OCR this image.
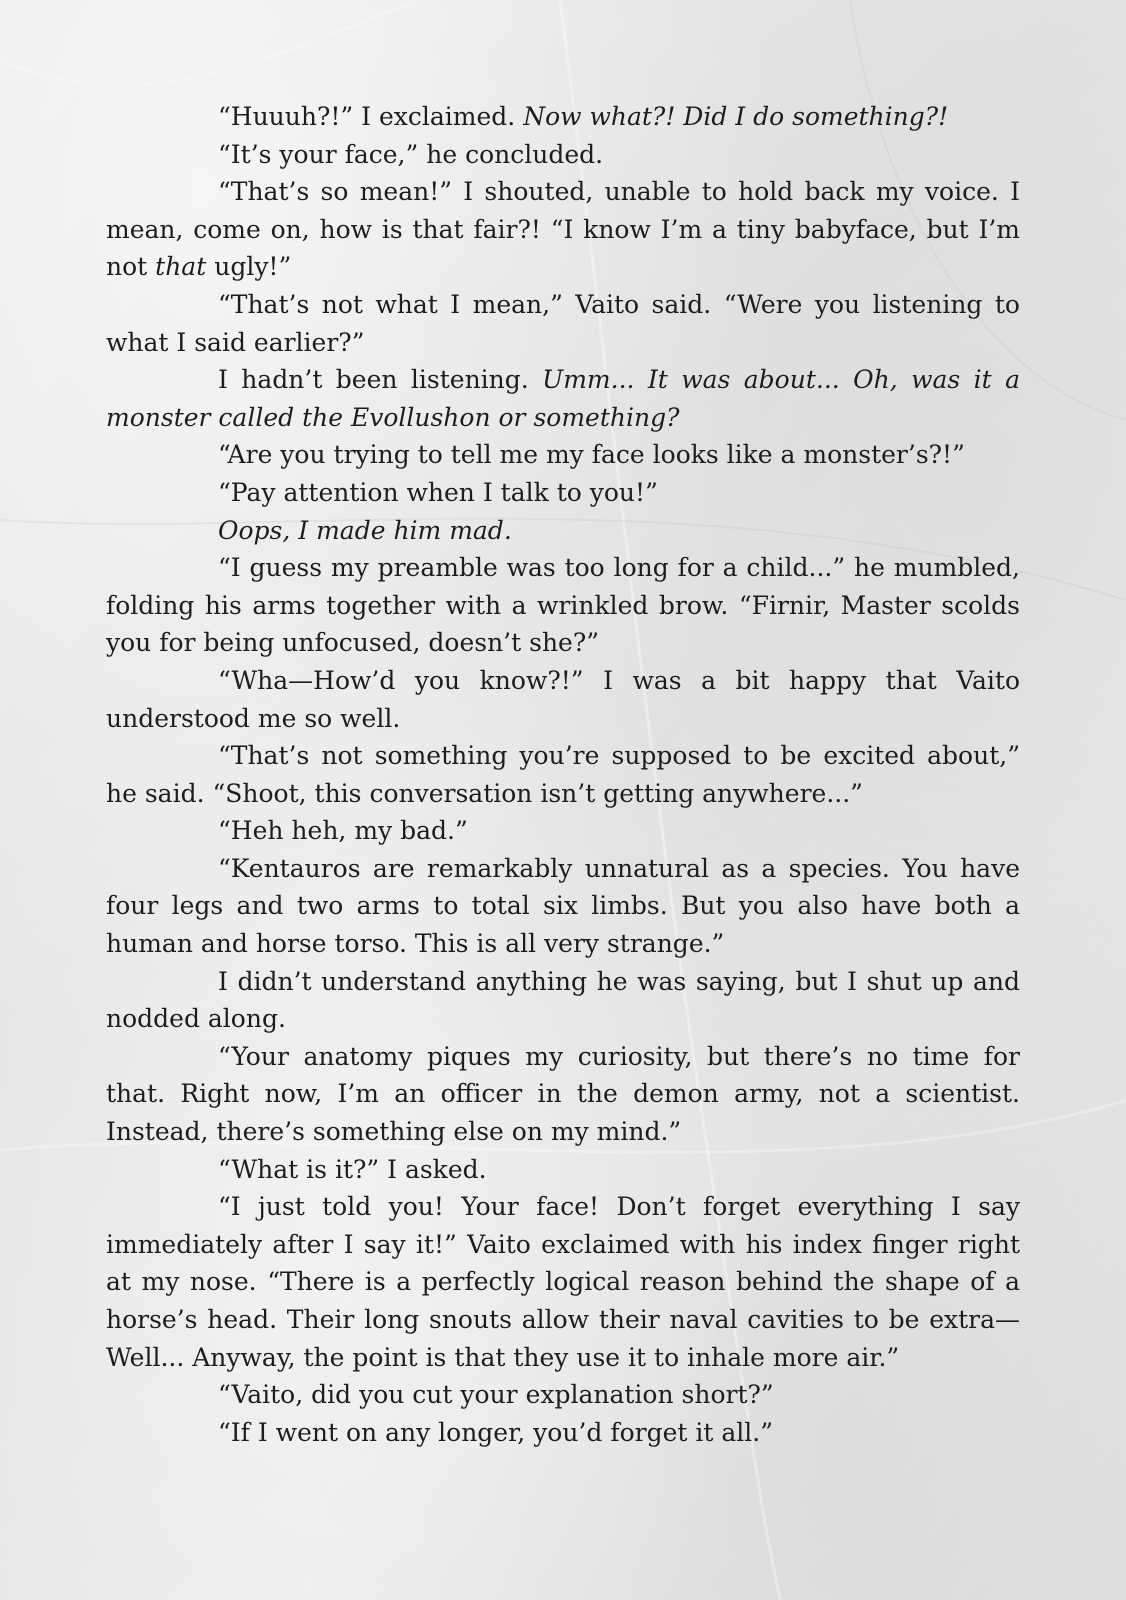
“Huuuh?!” I exclaimed. Now what?! Did I do something?!

“It’s your face,” he concluded.

“That’s so mean!” I shouted, unable to hold back my voice. I mean, come on, how is that fair?! “I know I’m a tiny babyface, but I’m not that ugly!”

“That’s not what I mean,” Vaito said. “Were you listening to what I said earlier?”

I hadn’t been listening. Umm... It was about... Oh, was it a monster called the Evollushon or something?

“Are you trying to tell me my face looks like a monster’s?!”

“Pay attention when I talk to you!”

Oops, I made him mad.

“I guess my preamble was too long for a child...” he mumbled, folding his arms together with a wrinkled brow. “Firnir, Master scolds you for being unfocused, doesn’t she?”

“Wha—How’d you know?!” I was a bit happy that Vaito understood me so well.

“That’s not something you’re supposed to be excited about,” he said. “Shoot, this conversation isn’t getting anywhere...”

“Heh heh, my bad.”

“Kentauros are remarkably unnatural as a species. You have four legs and two arms to total six limbs. But you also have both a human and horse torso. This is all very strange.”

I didn’t understand anything he was saying, but I shut up and nodded along.

“Your anatomy piques my curiosity, but there’s no time for that. Right now, I’m an officer in the demon army, not a scientist. Instead, there’s something else on my mind.”

“What is it?” I asked.

“I just told you! Your face! Don’t forget everything I say immediately after I say it!” Vaito exclaimed with his index finger right at my nose. “There is a perfectly logical reason behind the shape of a horse’s head. Their long snouts allow their naval cavities to be extra—Well... Anyway, the point is that they use it to inhale more air.”

“Vaito, did you cut your explanation short?”

“If I went on any longer, you’d forget it all.”
